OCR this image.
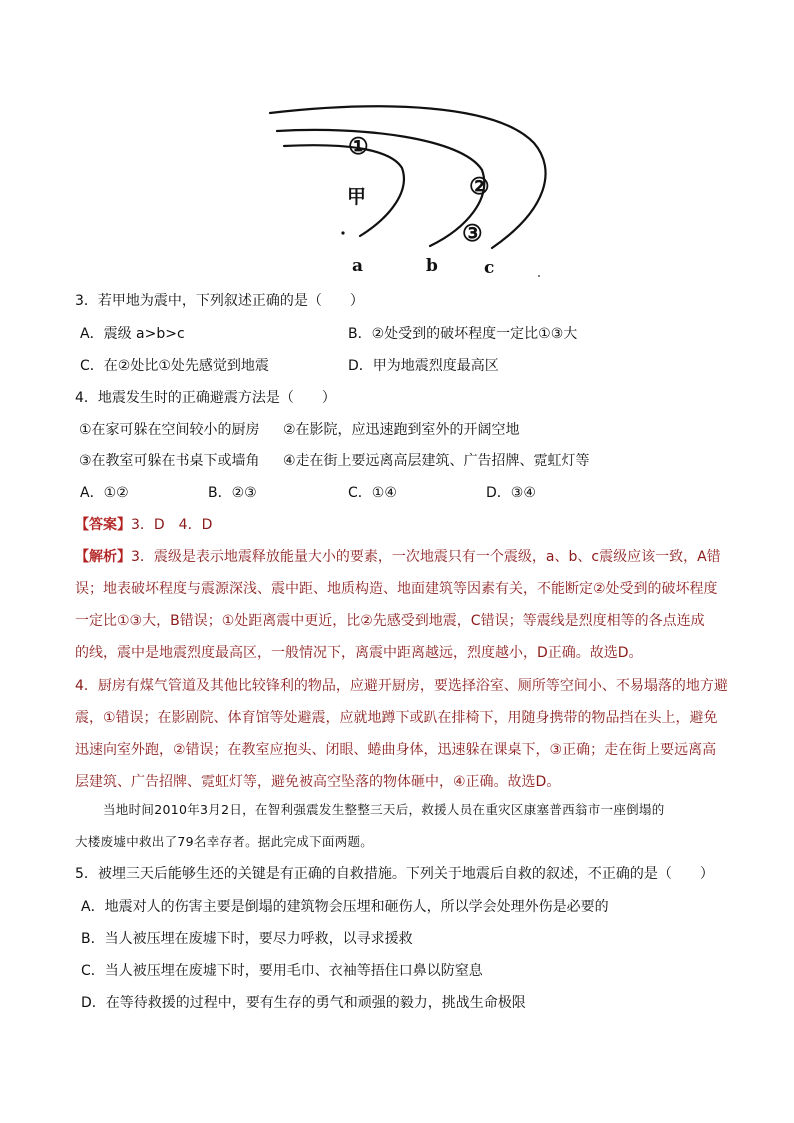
甲
①
②
③
a	b	c
3．若甲地为震中，下列叙述正确的是（　　）
A．震级 a>b>c	B．②处受到的破坏程度一定比①③大
C．在②处比①处先感觉到地震	D．甲为地震烈度最高区
4．地震发生时的正确避震方法是（　　）
①在家可躲在空间较小的厨房 ②在影院，应迅速跑到室外的开阔空地
③在教室可躲在书桌下或墙角 ④走在街上要远离高层建筑、广告招牌、霓虹灯等
A．①②	B．②③	C．①④	D．③④
【答案】3．D　4．D
【解析】3．震级是表示地震释放能量大小的要素，一次地震只有一个震级，a、b、c震级应该一致，A错
误；地表破坏程度与震源深浅、震中距、地质构造、地面建筑等因素有关，不能断定②处受到的破坏程度
一定比①③大，B错误；①处距离震中更近，比②先感受到地震，C错误；等震线是烈度相等的各点连成
的线，震中是地震烈度最高区，一般情况下，离震中距离越远，烈度越小，D正确。故选D。
4．厨房有煤气管道及其他比较锋利的物品，应避开厨房，要选择浴室、厕所等空间小、不易塌落的地方避
震，①错误；在影剧院、体育馆等处避震，应就地蹲下或趴在排椅下，用随身携带的物品挡在头上，避免
迅速向室外跑，②错误；在教室应抱头、闭眼、蜷曲身体，迅速躲在课桌下，③正确；走在街上要远离高
层建筑、广告招牌、霓虹灯等，避免被高空坠落的物体砸中，④正确。故选D。
当地时间2010年3月2日，在智利强震发生整整三天后，救援人员在重灾区康塞普西翁市一座倒塌的
大楼废墟中救出了79名幸存者。据此完成下面两题。
5．被埋三天后能够生还的关键是有正确的自救措施。下列关于地震后自救的叙述，不正确的是（　　）
A．地震对人的伤害主要是倒塌的建筑物会压埋和砸伤人，所以学会处理外伤是必要的
B．当人被压埋在废墟下时，要尽力呼救，以寻求援救
C．当人被压埋在废墟下时，要用毛巾、衣袖等捂住口鼻以防窒息
D．在等待救援的过程中，要有生存的勇气和顽强的毅力，挑战生命极限
